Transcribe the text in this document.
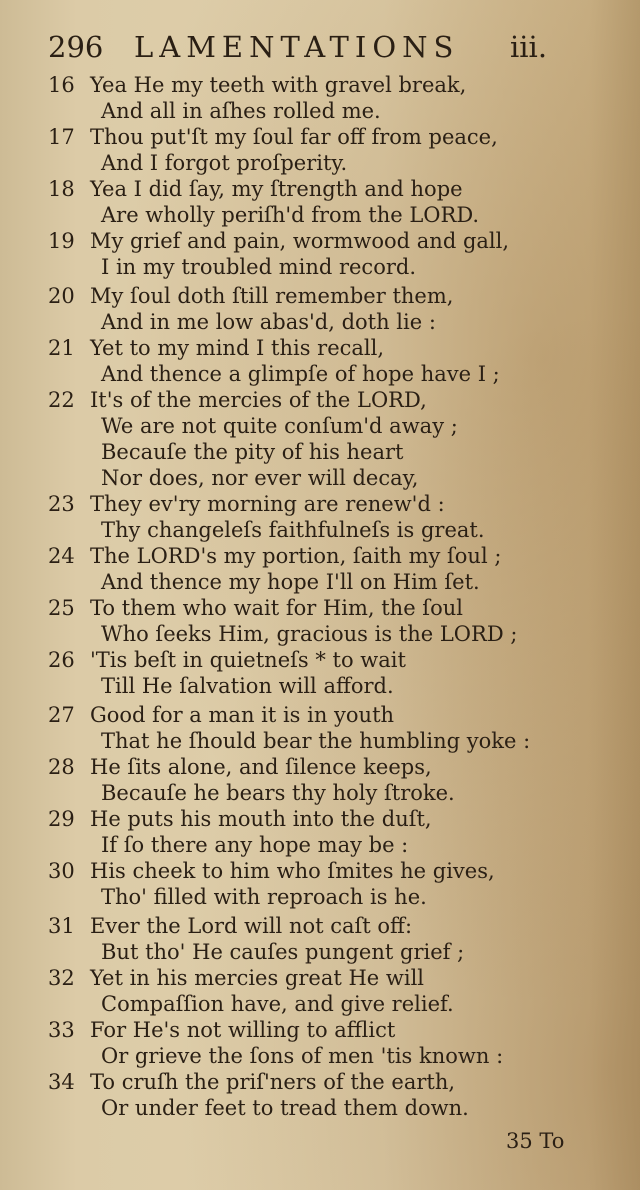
296 LAMENTATIONS iii.
16 Yea He my teeth with gravel break,
And all in aſhes rolled me.
17 Thou put'ſt my ſoul far off from peace,
And I forgot proſperity.
18 Yea I did ſay, my ſtrength and hope
Are wholly periſh'd from the LORD.
19 My grief and pain, wormwood and gall,
I in my troubled mind record.
20 My ſoul doth ſtill remember them,
And in me low abas'd, doth lie :
21 Yet to my mind I this recall,
And thence a glimpſe of hope have I ;
22 It's of the mercies of the LORD,
We are not quite conſum'd away ;
Becauſe the pity of his heart
Nor does, nor ever will decay,
23 They ev'ry morning are renew'd :
Thy changeleſs faithfulneſs is great.
24 The LORD's my portion, ſaith my ſoul ;
And thence my hope I'll on Him ſet.
25 To them who wait for Him, the ſoul
Who ſeeks Him, gracious is the LORD ;
26 'Tis beſt in quietneſs * to wait
Till He ſalvation will afford.
27 Good for a man it is in youth
That he ſhould bear the humbling yoke :
28 He ſits alone, and ſilence keeps,
Becauſe he bears thy holy ſtroke.
29 He puts his mouth into the duſt,
If ſo there any hope may be :
30 His cheek to him who ſmites he gives,
Tho' filled with reproach is he.
31 Ever the Lord will not caſt off:
But tho' He cauſes pungent grief ;
32 Yet in his mercies great He will
Compaſſion have, and give relief.
33 For He's not willing to afflict
Or grieve the ſons of men 'tis known :
34 To cruſh the priſ'ners of the earth,
Or under feet to tread them down.
35 To
